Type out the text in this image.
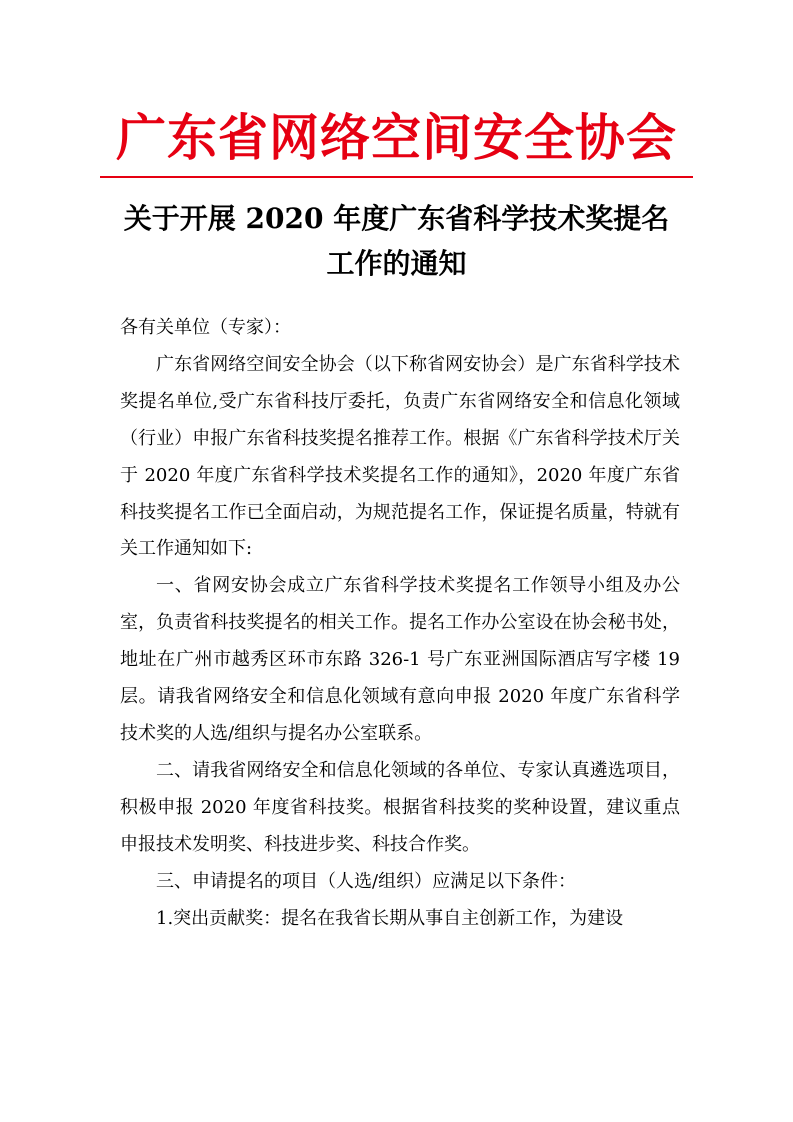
广东省网络空间安全协会
关于开展 2020 年度广东省科学技术奖提名
工作的通知

各有关单位（专家）：

广东省网络空间安全协会（以下称省网安协会）是广东省科学技术奖提名单位,受广东省科技厅委托，负责广东省网络安全和信息化领域（行业）申报广东省科技奖提名推荐工作。根据《广东省科学技术厅关于 2020 年度广东省科学技术奖提名工作的通知》，2020 年度广东省科技奖提名工作已全面启动，为规范提名工作，保证提名质量，特就有关工作通知如下:

一、省网安协会成立广东省科学技术奖提名工作领导小组及办公室，负责省科技奖提名的相关工作。提名工作办公室设在协会秘书处，地址在广州市越秀区环市东路 326-1 号广东亚洲国际酒店写字楼 19 层。请我省网络安全和信息化领域有意向申报 2020 年度广东省科学技术奖的人选/组织与提名办公室联系。

二、请我省网络安全和信息化领域的各单位、专家认真遴选项目，积极申报 2020 年度省科技奖。根据省科技奖的奖种设置，建议重点申报技术发明奖、科技进步奖、科技合作奖。

三、申请提名的项目（人选/组织）应满足以下条件：

1.突出贡献奖：提名在我省长期从事自主创新工作，为建设
